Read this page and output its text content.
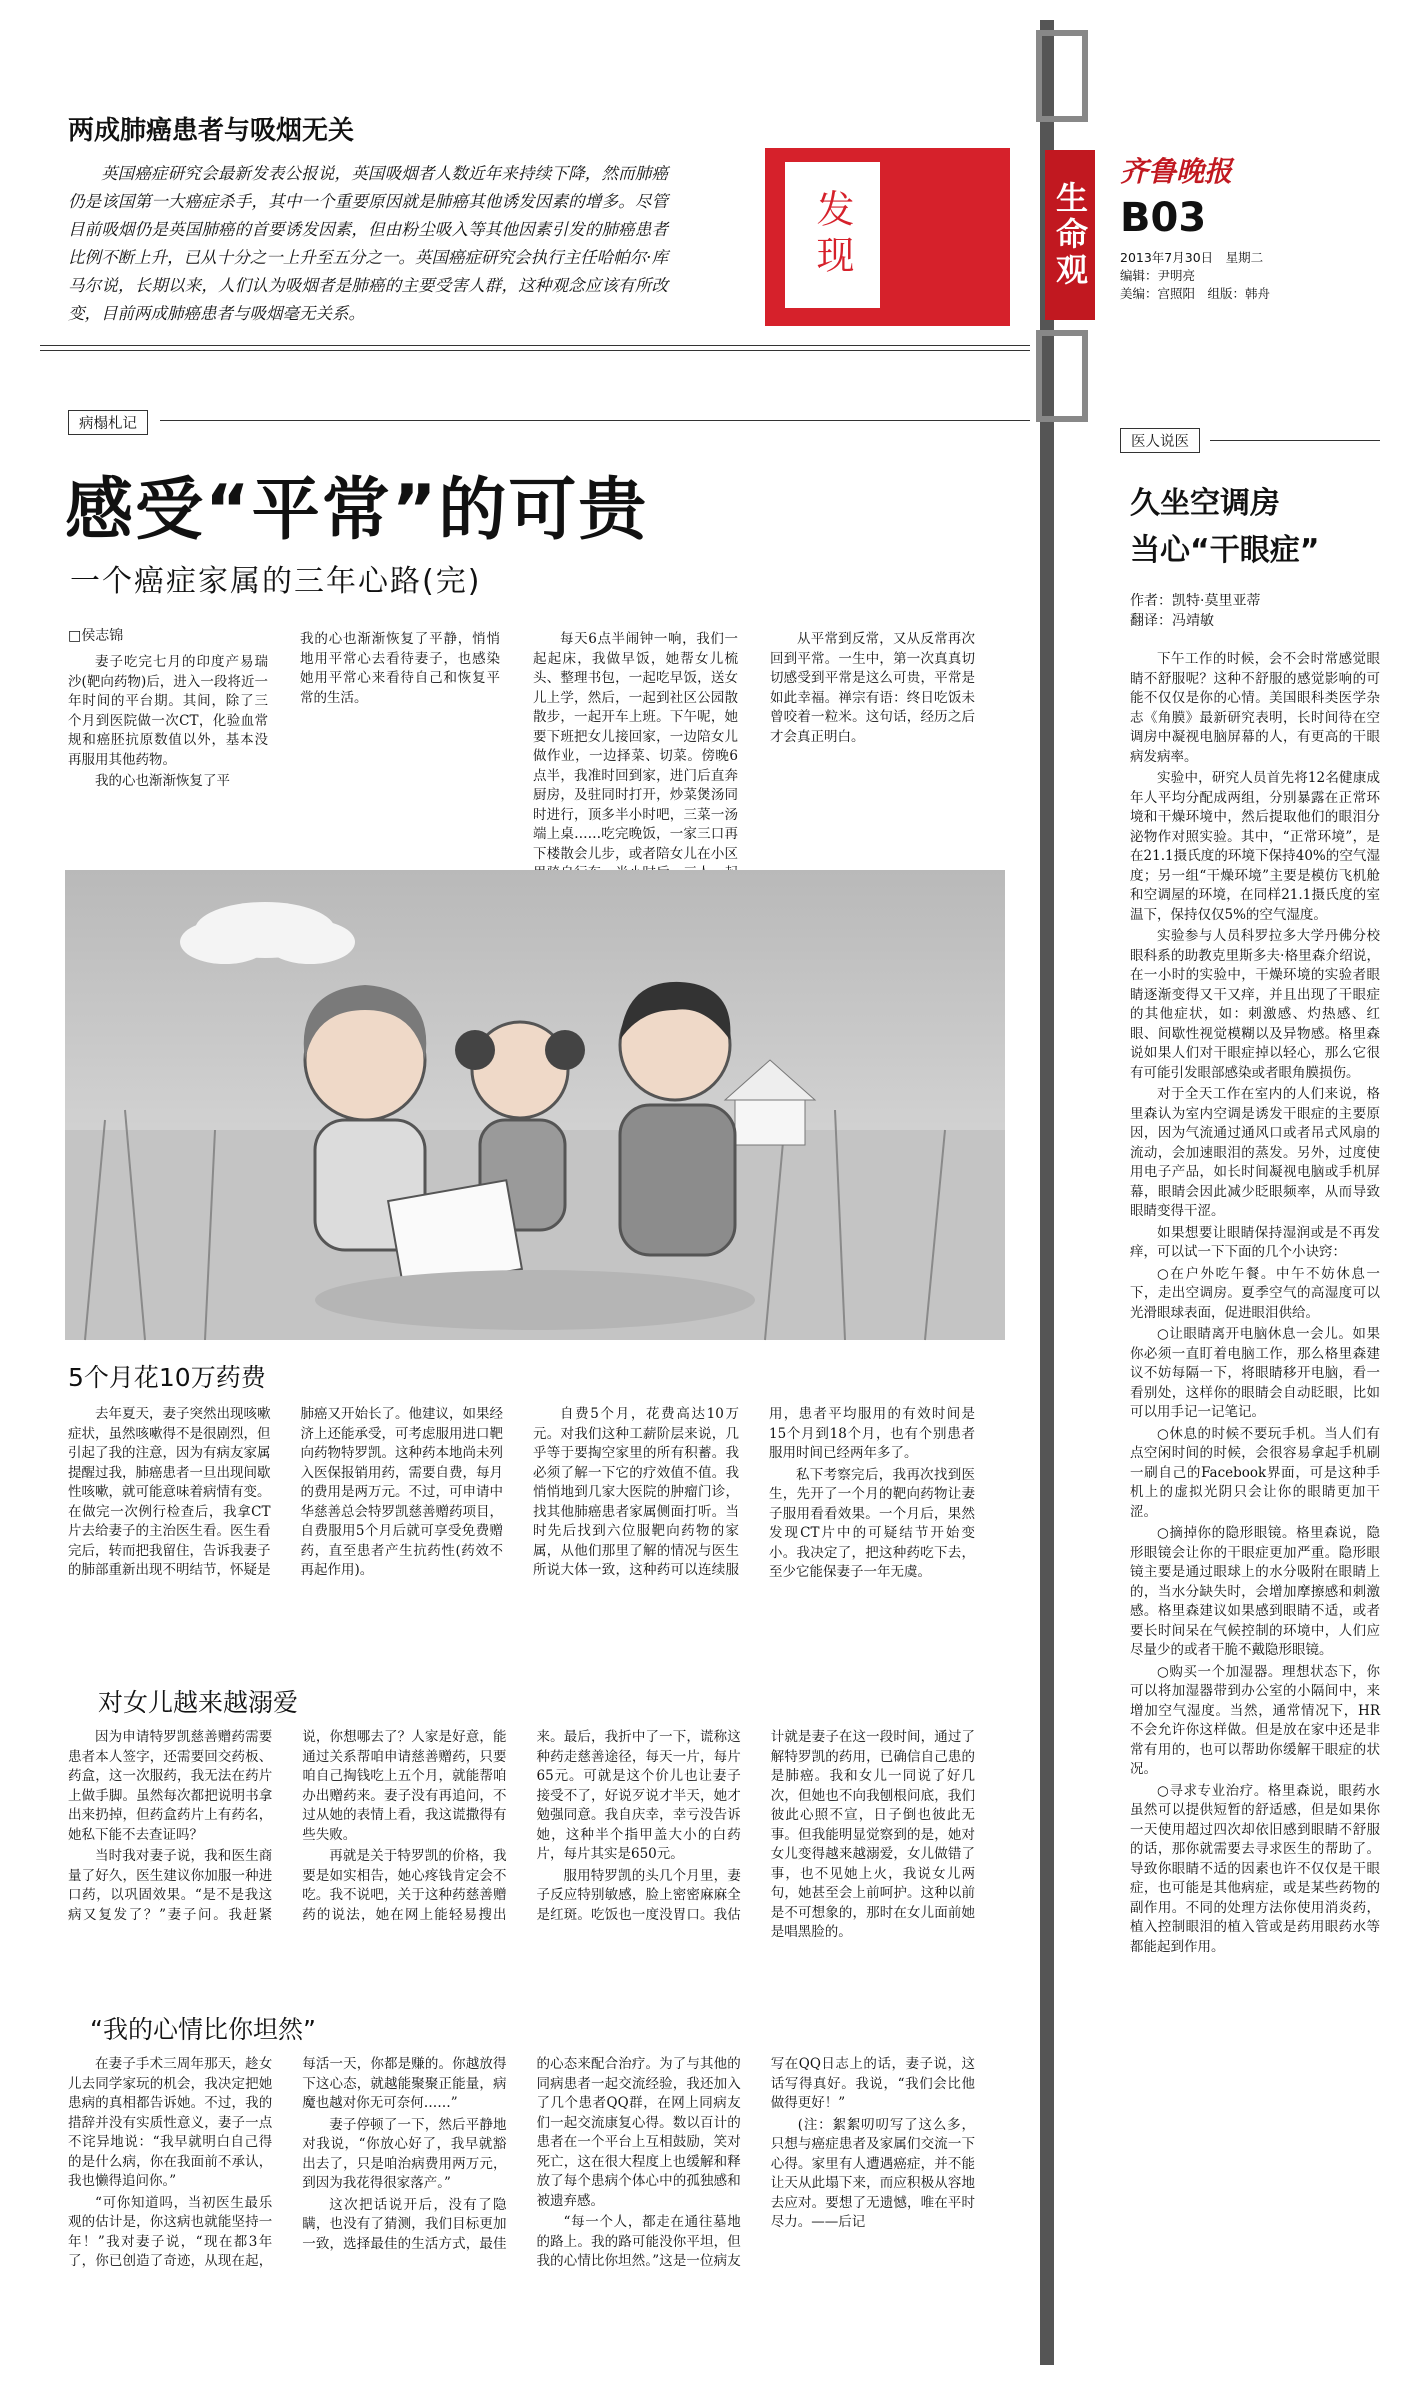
生命观
齐鲁晚报
B03
2013年7月30日　星期二
编辑：尹明亮
美编：宫照阳　组版：韩舟
两成肺癌患者与吸烟无关

英国癌症研究会最新发表公报说，英国吸烟者人数近年来持续下降，然而肺癌仍是该国第一大癌症杀手，其中一个重要原因就是肺癌其他诱发因素的增多。尽管目前吸烟仍是英国肺癌的首要诱发因素，但由粉尘吸入等其他因素引发的肺癌患者比例不断上升，已从十分之一上升至五分之一。英国癌症研究会执行主任哈帕尔·库马尔说，长期以来，人们认为吸烟者是肺癌的主要受害人群，这种观念应该有所改变，目前两成肺癌患者与吸烟毫无关系。

发现
病榻札记
感受“平常”的可贵
一个癌症家属的三年心路(完)
□侯志锦

妻子吃完七月的印度产易瑞沙(靶向药物)后，进入一段将近一年时间的平台期。其间，除了三个月到医院做一次CT，化验血常规和癌胚抗原数值以外，基本没再服用其他药物。

我的心也渐渐恢复了平

我的心也渐渐恢复了平静，悄悄地用平常心去看待妻子，也感染她用平常心来看待自己和恢复平常的生活。

每天6点半闹钟一响，我们一起起床，我做早饭，她帮女儿梳头、整理书包，一起吃早饭，送女儿上学，然后，一起到社区公园散散步，一起开车上班。下午呢，她要下班把女儿接回家，一边陪女儿做作业，一边择菜、切菜。傍晚6点半，我准时回到家，进门后直奔厨房，及驻同时打开，炒菜煲汤同时进行，顶多半小时吧，三菜一汤端上桌……吃完晚饭，一家三口再下楼散会儿步，或者陪女儿在小区

从平常到反常，又从反常再次回到平常。一生中，第一次真真切切感受到平常是这么可贵，平常是如此幸福。禅宗有语：终日吃饭未曾咬着一粒米。这句话，经历之后才会真正明白。

5个月花10万药费

去年夏天，妻子突然出现咳嗽症状，虽然咳嗽得不是很剧烈，但引起了我的注意，因为有病友家属提醒过我，肺癌患者一旦出现间歇性咳嗽，就可能意味着病情有变。在做完一次例行检查后，我拿CT片去给妻子的主治医生看。医生看完后，转而把我留住，告诉我妻子的肺部重新出现不明结节，怀疑是肺癌又开始长了。他建议，如果经济上还能承受，可考虑服用进口靶向药物特罗凯。这种药本地尚未列入医保报销用药，需要自费，每月的费用是两万元。不过，可申请中华慈善总会特罗凯慈善赠药项目，自费服用5个月后就可享受免费赠药，直至患者产生抗药性(药效不再起作用)。

自费5个月，花费高达10万元。对我们这种工薪阶层来说，几乎等于要掏空家里的所有积蓄。我必须了解一下它的疗效值不值。我悄悄地到几家大医院的肿瘤门诊，找其他肺癌患者家属侧面打听。当时先后找到六位服靶向药物的家属，从他们那里了解的情况与医生所说大体一致，这种药可以连续服用，患者平均服用的有效时间是15个月到18个月，也有个别患者服用时间已经两年多了。

私下考察完后，我再次找到医生，先开了一个月的靶向药物让妻子服用看看效果。一个月后，果然发现CT片中的可疑结节开始变小。我决定了，把这种药吃下去，至少它能保妻子一年无虞。

对女儿越来越溺爱

因为申请特罗凯慈善赠药需要患者本人签字，还需要回交药板、药盒，这一次服药，我无法在药片上做手脚。虽然每次都把说明书拿出来扔掉，但药盒药片上有药名，她私下能不去查证吗？

当时我对妻子说，我和医生商量了好久，医生建议你加服一种进口药，以巩固效果。“是不是我这病又复发了？”妻子问。我赶紧说，你想哪去了？人家是好意，能通过关系帮咱申请慈善赠药，只要咱自己掏钱吃上五个月，就能帮咱办出赠药来。妻子没有再追问，不过从她的表情上看，我这谎撒得有些失败。

再就是关于特罗凯的价格，我要是如实相告，她心疼钱肯定会不吃。我不说吧，关于这种药慈善赠药的说法，她在网上能轻易搜出来。最后，我折中了一下，谎称这种药走慈善途径，每天一片，每片65元。可就是这个价儿也让妻子接受不了，好说歹说才半天，她才勉强同意。我自庆幸，幸亏没告诉她，这种半个指甲盖大小的白药片，每片其实是650元。

服用特罗凯的头几个月里，妻子反应特别敏感，脸上密密麻麻全是红斑。吃饭也一度没胃口。我估计就是妻子在这一段时间，通过了解特罗凯的药用，已确信自己患的是肺癌。我和女儿一同说了好几次，但她也不向我刨根问底，我们彼此心照不宣，日子倒也彼此无事。但我能明显觉察到的是，她对女儿变得越来越溺爱，女儿做错了事，也不见她上火，我说女儿两句，她甚至会上前呵护。这种以前是不可想象的，那时在女儿面前她是唱黑脸的。

“我的心情比你坦然”

在妻子手术三周年那天，趁女儿去同学家玩的机会，我决定把她患病的真相都告诉她。不过，我的措辞并没有实质性意义，妻子一点不诧异地说：“我早就明白自己得的是什么病，你在我面前不承认，我也懒得追问你。”

“可你知道吗，当初医生最乐观的估计是，你这病也就能坚持一年！”我对妻子说，“现在都3年了，你已创造了奇迹，从现在起，每活一天，你都是赚的。你越放得下这心态，就越能聚聚正能量，病魔也越对你无可奈何……”

妻子停顿了一下，然后平静地对我说，“你放心好了，我早就豁出去了，只是咱治病费用两万元，到因为我花得很家落产。”

这次把话说开后，没有了隐瞒，也没有了猜测，我们目标更加一致，选择最佳的生活方式，最佳的心态来配合治疗。为了与其他的同病患者一起交流经验，我还加入了几个患者QQ群，在网上同病友们一起交流康复心得。数以百计的患者在一个平台上互相鼓励，笑对死亡，这在很大程度上也缓解和释放了每个患病个体心中的孤独感和被遗弃感。

“每一个人，都走在通往墓地的路上。我的路可能没你平坦，但我的心情比你坦然。”这是一位病友写在QQ日志上的话，妻子说，这话写得真好。我说，“我们会比他做得更好！”

(注：絮絮叨叨写了这么多，只想与癌症患者及家属们交流一下心得。家里有人遭遇癌症，并不能让天从此塌下来，而应积极从容地去应对。要想了无遗憾，唯在平时尽力。——后记

医人说医
久坐空调房
当心“干眼症”
作者：凯特·莫里亚蒂
翻译：冯靖敏

下午工作的时候，会不会时常感觉眼睛不舒服呢？这种不舒服的感觉影响的可能不仅仅是你的心情。美国眼科类医学杂志《角膜》最新研究表明，长时间待在空调房中凝视电脑屏幕的人，有更高的干眼病发病率。

实验中，研究人员首先将12名健康成年人平均分配成两组，分别暴露在正常环境和干燥环境中，然后提取他们的眼泪分泌物作对照实验。其中，“正常环境”，是在21.1摄氏度的环境下保持40%的空气湿度；另一组“干燥环境”主要是模仿飞机舱和空调屋的环境，在同样21.1摄氏度的室温下，保持仅仅5%的空气湿度。

实验参与人员科罗拉多大学丹佛分校眼科系的助教克里斯多夫·格里森介绍说，在一小时的实验中，干燥环境的实验者眼睛逐渐变得又干又痒，并且出现了干眼症的其他症状，如：刺激感、灼热感、红眼、间歇性视觉模糊以及异物感。格里森说如果人们对干眼症掉以轻心，那么它很有可能引发眼部感染或者眼角膜损伤。

对于全天工作在室内的人们来说，格里森认为室内空调是诱发干眼症的主要原因，因为气流通过通风口或者吊式风扇的流动，会加速眼泪的蒸发。另外，过度使用电子产品，如长时间凝视电脑或手机屏幕，眼睛会因此减少眨眼频率，从而导致眼睛变得干涩。

如果想要让眼睛保持湿润或是不再发痒，可以试一下下面的几个小诀窍：

○在户外吃午餐。中午不妨休息一下，走出空调房。夏季空气的高湿度可以光滑眼球表面，促进眼泪供给。

○让眼睛离开电脑休息一会儿。如果你必须一直盯着电脑工作，那么格里森建议不妨每隔一下，将眼睛移开电脑，看一看别处，这样你的眼睛会自动眨眼，比如可以用手记一记笔记。

○休息的时候不要玩手机。当人们有点空闲时间的时候，会很容易拿起手机刷一刷自己的Facebook界面，可是这种手机上的虚拟光阴只会让你的眼睛更加干涩。

○摘掉你的隐形眼镜。格里森说，隐形眼镜会让你的干眼症更加严重。隐形眼镜主要是通过眼球上的水分吸附在眼睛上的，当水分缺失时，会增加摩擦感和刺激感。格里森建议如果感到眼睛不适，或者要长时间呆在气候控制的环境中，人们应尽量少的或者干脆不戴隐形眼镜。

○购买一个加湿器。理想状态下，你可以将加湿器带到办公室的小隔间中，来增加空气湿度。当然，通常情况下，HR不会允许你这样做。但是放在家中还是非常有用的，也可以帮助你缓解干眼症的状况。

○寻求专业治疗。格里森说，眼药水虽然可以提供短暂的舒适感，但是如果你一天使用超过四次却依旧感到眼睛不舒服的话，那你就需要去寻求医生的帮助了。导致你眼睛不适的因素也许不仅仅是干眼症，也可能是其他病症，或是某些药物的副作用。不同的处理方法你使用消炎药，植入控制眼泪的植入管或是药用眼药水等都能起到作用。
